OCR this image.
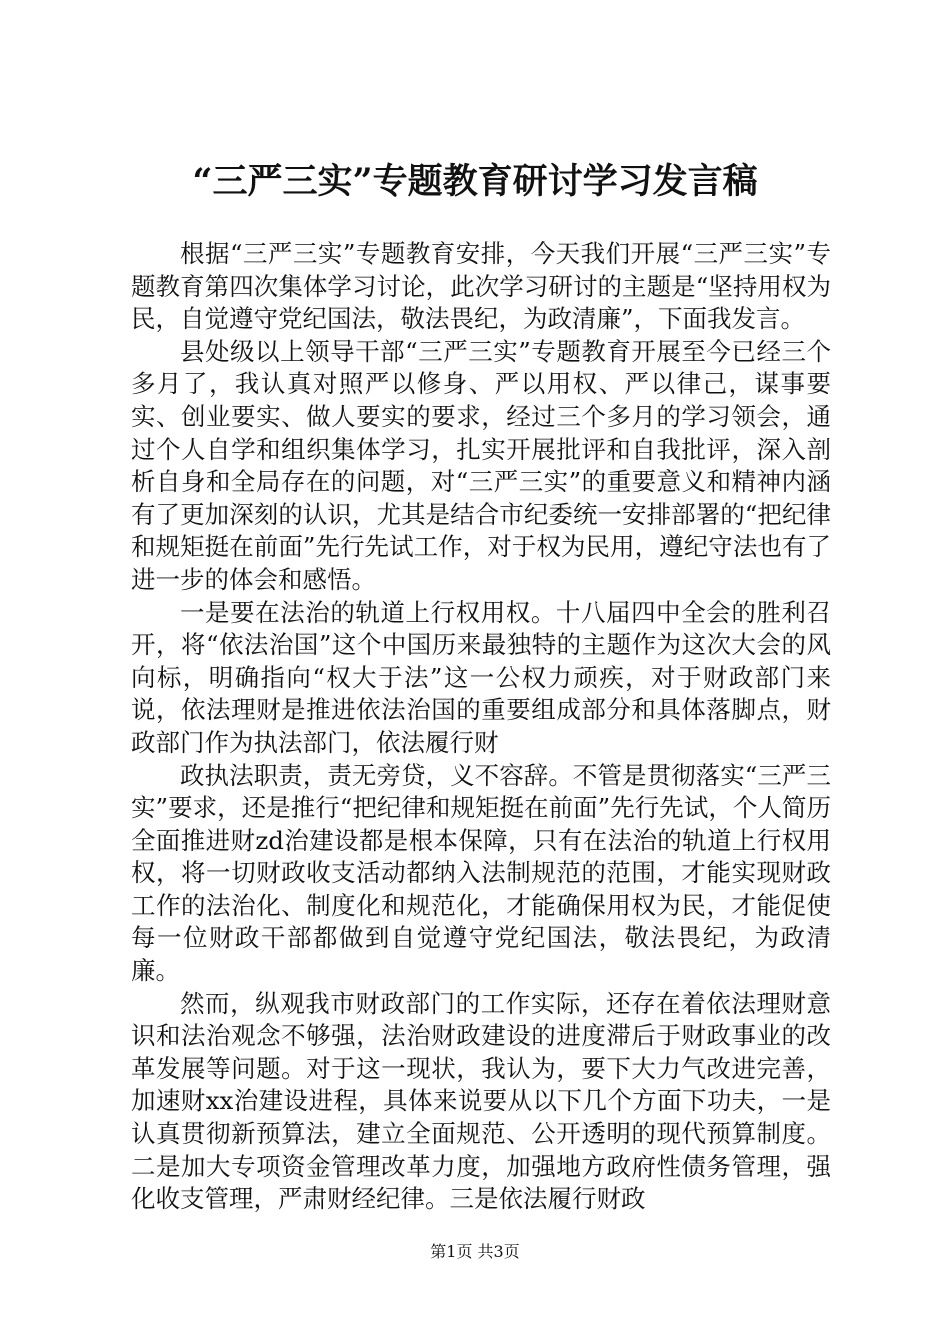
“三严三实”专题教育研讨学习发言稿

根据“三严三实”专题教育安排，今天我们开展“三严三实”专题教育第四次集体学习讨论，此次学习研讨的主题是“坚持用权为民，自觉遵守党纪国法，敬法畏纪，为政清廉”，下面我发言。

县处级以上领导干部“三严三实”专题教育开展至今已经三个多月了，我认真对照严以修身、严以用权、严以律己，谋事要实、创业要实、做人要实的要求，经过三个多月的学习领会，通过个人自学和组织集体学习，扎实开展批评和自我批评，深入剖析自身和全局存在的问题，对“三严三实”的重要意义和精神内涵有了更加深刻的认识，尤其是结合市纪委统一安排部署的“把纪律和规矩挺在前面”先行先试工作，对于权为民用，遵纪守法也有了进一步的体会和感悟。

一是要在法治的轨道上行权用权。十八届四中全会的胜利召开，将“依法治国”这个中国历来最独特的主题作为这次大会的风向标，明确指向“权大于法”这一公权力顽疾，对于财政部门来说，依法理财是推进依法治国的重要组成部分和具体落脚点，财政部门作为执法部门，依法履行财

政执法职责，责无旁贷，义不容辞。不管是贯彻落实“三严三实”要求，还是推行“把纪律和规矩挺在前面”先行先试，个人简历全面推进财zd治建设都是根本保障，只有在法治的轨道上行权用权，将一切财政收支活动都纳入法制规范的范围，才能实现财政工作的法治化、制度化和规范化，才能确保用权为民，才能促使每一位财政干部都做到自觉遵守党纪国法，敬法畏纪，为政清廉。

然而，纵观我市财政部门的工作实际，还存在着依法理财意识和法治观念不够强，法治财政建设的进度滞后于财政事业的改革发展等问题。对于这一现状，我认为，要下大力气改进完善，加速财xx治建设进程，具体来说要从以下几个方面下功夫，一是认真贯彻新预算法，建立全面规范、公开透明的现代预算制度。二是加大专项资金管理改革力度，加强地方政府性债务管理，强化收支管理，严肃财经纪律。三是依法履行财政

第1页 共3页
